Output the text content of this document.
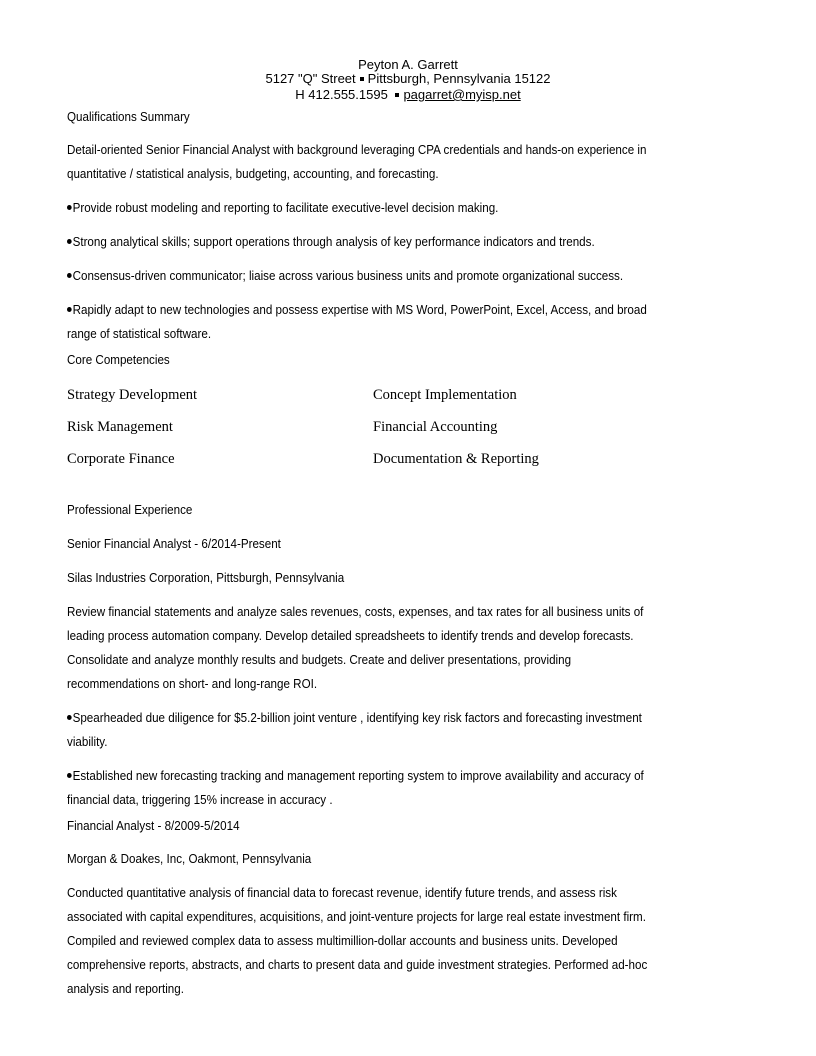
Peyton A. Garrett
5127 "Q" Street Pittsburgh, Pennsylvania 15122
H 412.555.1595 pagarret@myisp.net
Qualifications Summary
Detail-oriented Senior Financial Analyst with background leveraging CPA credentials and hands-on experience in
quantitative / statistical analysis, budgeting, accounting, and forecasting.
Provide robust modeling and reporting to facilitate executive-level decision making.
Strong analytical skills; support operations through analysis of key performance indicators and trends.
Consensus-driven communicator; liaise across various business units and promote organizational success.
Rapidly adapt to new technologies and possess expertise with MS Word, PowerPoint, Excel, Access, and broad
range of statistical software.
Core Competencies
Strategy Development	Concept Implementation
Risk Management	Financial Accounting
Corporate Finance	Documentation & Reporting
Professional Experience
Senior Financial Analyst - 6/2014-Present
Silas Industries Corporation, Pittsburgh, Pennsylvania
Review financial statements and analyze sales revenues, costs, expenses, and tax rates for all business units of
leading process automation company. Develop detailed spreadsheets to identify trends and develop forecasts.
Consolidate and analyze monthly results and budgets. Create and deliver presentations, providing
recommendations on short- and long-range ROI.
Spearheaded due diligence for $5.2-billion joint venture , identifying key risk factors and forecasting investment
viability.
Established new forecasting tracking and management reporting system to improve availability and accuracy of
financial data, triggering 15% increase in accuracy .
Financial Analyst - 8/2009-5/2014
Morgan & Doakes, Inc, Oakmont, Pennsylvania
Conducted quantitative analysis of financial data to forecast revenue, identify future trends, and assess risk
associated with capital expenditures, acquisitions, and joint-venture projects for large real estate investment firm.
Compiled and reviewed complex data to assess multimillion-dollar accounts and business units. Developed
comprehensive reports, abstracts, and charts to present data and guide investment strategies. Performed ad-hoc
analysis and reporting.
